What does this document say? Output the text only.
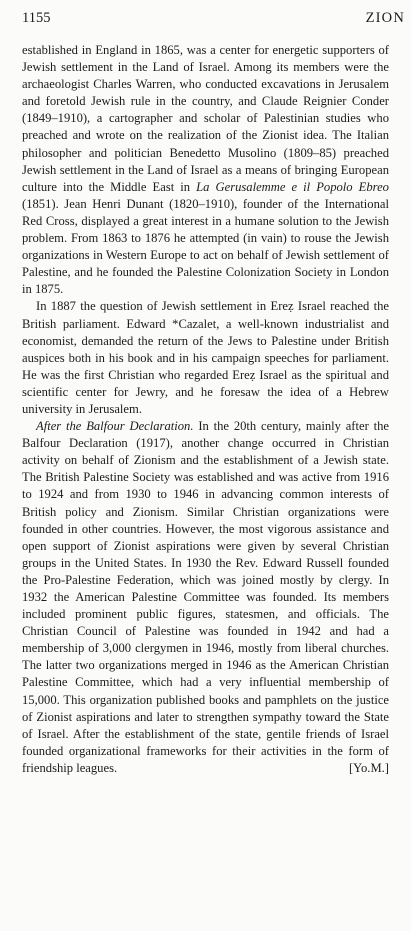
1155	ZION

established in England in 1865, was a center for energetic supporters of Jewish settlement in the Land of Israel. Among its members were the archaeologist Charles Warren, who conducted excavations in Jerusalem and foretold Jewish rule in the country, and Claude Reignier Conder (1849–1910), a cartographer and scholar of Palestinian studies who preached and wrote on the realization of the Zionist idea. The Italian philosopher and politician Benedetto Musolino (1809–85) preached Jewish settlement in the Land of Israel as a means of bringing European culture into the Middle East in La Gerusalemme e il Popolo Ebreo (1851). Jean Henri Dunant (1820–1910), founder of the International Red Cross, displayed a great interest in a humane solution to the Jewish problem. From 1863 to 1876 he attempted (in vain) to rouse the Jewish organizations in Western Europe to act on behalf of Jewish settlement of Palestine, and he founded the Palestine Colonization Society in London in 1875.

In 1887 the question of Jewish settlement in Ereẓ Israel reached the British parliament. Edward *Cazalet, a well-known industrialist and economist, demanded the return of the Jews to Palestine under British auspices both in his book and in his campaign speeches for parliament. He was the first Christian who regarded Ereẓ Israel as the spiritual and scientific center for Jewry, and he foresaw the idea of a Hebrew university in Jerusalem.

After the Balfour Declaration. In the 20th century, mainly after the Balfour Declaration (1917), another change occurred in Christian activity on behalf of Zionism and the establishment of a Jewish state. The British Palestine Society was established and was active from 1916 to 1924 and from 1930 to 1946 in advancing common interests of British policy and Zionism. Similar Christian organizations were founded in other countries. However, the most vigorous assistance and open support of Zionist aspirations were given by several Christian groups in the United States. In 1930 the Rev. Edward Russell founded the Pro-Palestine Federation, which was joined mostly by clergy. In 1932 the American Palestine Committee was founded. Its members included prominent public figures, statesmen, and officials. The Christian Council of Palestine was founded in 1942 and had a membership of 3,000 clergymen in 1946, mostly from liberal churches. The latter two organizations merged in 1946 as the American Christian Palestine Committee, which had a very influential membership of 15,000. This organization published books and pamphlets on the justice of Zionist aspirations and later to strengthen sympathy toward the State of Israel. After the establishment of the state, gentile friends of Israel founded organizational frameworks for their activities in the form of friendship leagues.	[Yo.M.]
